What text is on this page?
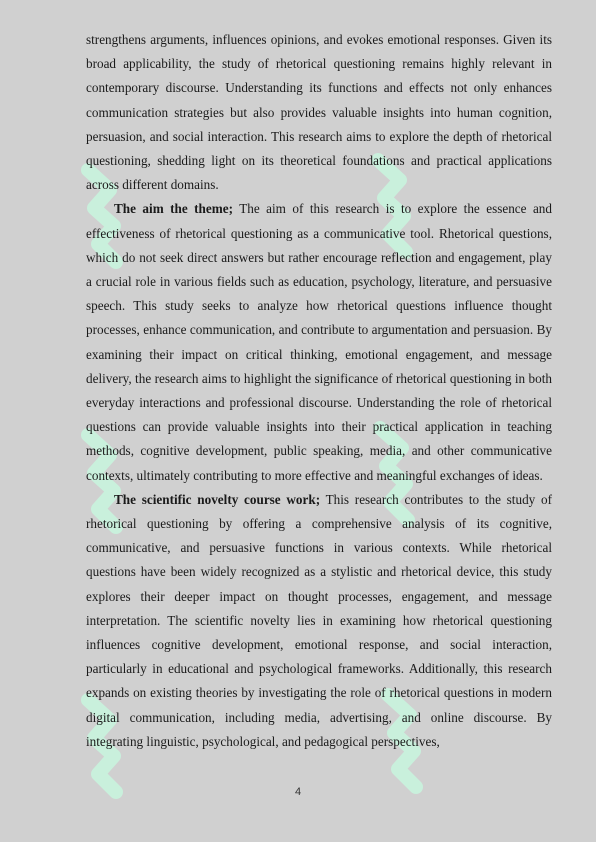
strengthens arguments, influences opinions, and evokes emotional responses. Given its broad applicability, the study of rhetorical questioning remains highly relevant in contemporary discourse. Understanding its functions and effects not only enhances communication strategies but also provides valuable insights into human cognition, persuasion, and social interaction. This research aims to explore the depth of rhetorical questioning, shedding light on its theoretical foundations and practical applications across different domains.

The aim the theme; The aim of this research is to explore the essence and effectiveness of rhetorical questioning as a communicative tool. Rhetorical questions, which do not seek direct answers but rather encourage reflection and engagement, play a crucial role in various fields such as education, psychology, literature, and persuasive speech. This study seeks to analyze how rhetorical questions influence thought processes, enhance communication, and contribute to argumentation and persuasion. By examining their impact on critical thinking, emotional engagement, and message delivery, the research aims to highlight the significance of rhetorical questioning in both everyday interactions and professional discourse. Understanding the role of rhetorical questions can provide valuable insights into their practical application in teaching methods, cognitive development, public speaking, media, and other communicative contexts, ultimately contributing to more effective and meaningful exchanges of ideas.

The scientific novelty course work; This research contributes to the study of rhetorical questioning by offering a comprehensive analysis of its cognitive, communicative, and persuasive functions in various contexts. While rhetorical questions have been widely recognized as a stylistic and rhetorical device, this study explores their deeper impact on thought processes, engagement, and message interpretation. The scientific novelty lies in examining how rhetorical questioning influences cognitive development, emotional response, and social interaction, particularly in educational and psychological frameworks. Additionally, this research expands on existing theories by investigating the role of rhetorical questions in modern digital communication, including media, advertising, and online discourse. By integrating linguistic, psychological, and pedagogical perspectives,

4
